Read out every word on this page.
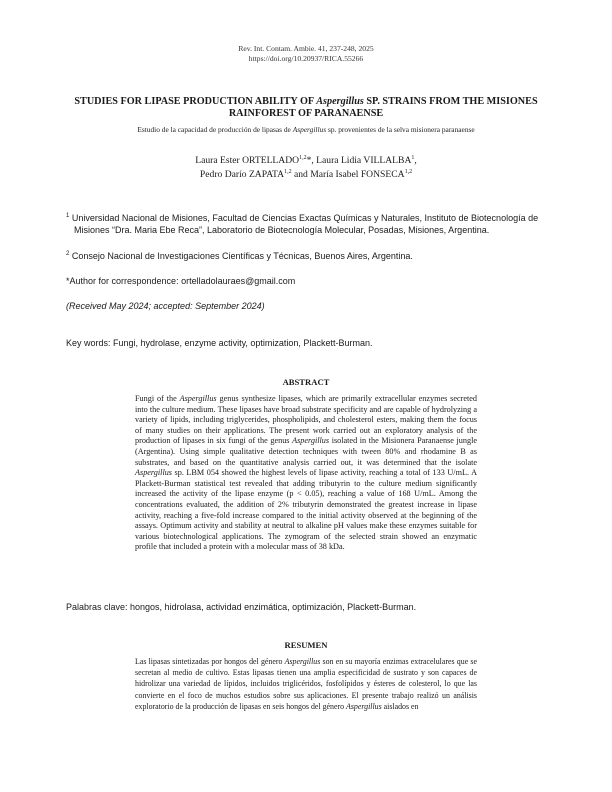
Rev. Int. Contam. Ambie. 41, 237-248, 2025
https://doi.org/10.20937/RICA.55266
STUDIES FOR LIPASE PRODUCTION ABILITY OF Aspergillus SP. STRAINS FROM THE MISIONES RAINFOREST OF PARANAENSE
Estudio de la capacidad de producción de lipasas de Aspergillus sp. provenientes de la selva misionera paranaense
Laura Ester ORTELLADO$^{1,2}$*, Laura Lidia VILLALBA$^1$,
Pedro Darío ZAPATA$^{1,2}$ and María Isabel FONSECA$^{1,2}$
$^1$ Universidad Nacional de Misiones, Facultad de Ciencias Exactas Químicas y Naturales, Instituto de Biotecnología de Misiones “Dra. Maria Ebe Reca”, Laboratorio de Biotecnología Molecular, Posadas, Misiones, Argentina.
$^2$ Consejo Nacional de Investigaciones Científicas y Técnicas, Buenos Aires, Argentina.
*Author for correspondence: ortelladolauraes@gmail.com
(Received May 2024; accepted: September 2024)
Key words: Fungi, hydrolase, enzyme activity, optimization, Plackett-Burman.
ABSTRACT

Fungi of the Aspergillus genus synthesize lipases, which are primarily extracellular enzymes secreted into the culture medium. These lipases have broad substrate specificity and are capable of hydrolyzing a variety of lipids, including triglycerides, phospholipids, and cholesterol esters, making them the focus of many studies on their applications. The present work carried out an exploratory analysis of the production of lipases in six fungi of the genus Aspergillus isolated in the Misionera Paranaense jungle (Argentina). Using simple qualitative detection techniques with tween 80% and rhodamine B as substrates, and based on the quantitative analysis carried out, it was determined that the isolate Aspergillus sp. LBM 054 showed the highest levels of lipase activity, reaching a total of 133 U/mL. A Plackett-Burman statistical test revealed that adding tributyrin to the culture medium significantly increased the activity of the lipase enzyme (p < 0.05), reaching a value of 168 U/mL. Among the concentrations evaluated, the addition of 2% tributyrin demonstrated the greatest increase in lipase activity, reaching a five-fold increase compared to the initial activity observed at the beginning of the assays. Optimum activity and stability at neutral to alkaline pH values make these enzymes suitable for various biotechnological applications. The zymogram of the selected strain showed an enzymatic profile that included a protein with a molecular mass of 38 kDa.

Palabras clave: hongos, hidrolasa, actividad enzimática, optimización, Plackett-Burman.
RESUMEN

Las lipasas sintetizadas por hongos del género Aspergillus son en su mayoría enzimas extracelulares que se secretan al medio de cultivo. Estas lipasas tienen una amplia especificidad de sustrato y son capaces de hidrolizar una variedad de lípidos, incluidos triglicéridos, fosfolípidos y ésteres de colesterol, lo que las convierte en el foco de muchos estudios sobre sus aplicaciones. El presente trabajo realizó un análisis exploratorio de la producción de lipasas en seis hongos del género Aspergillus aislados en
